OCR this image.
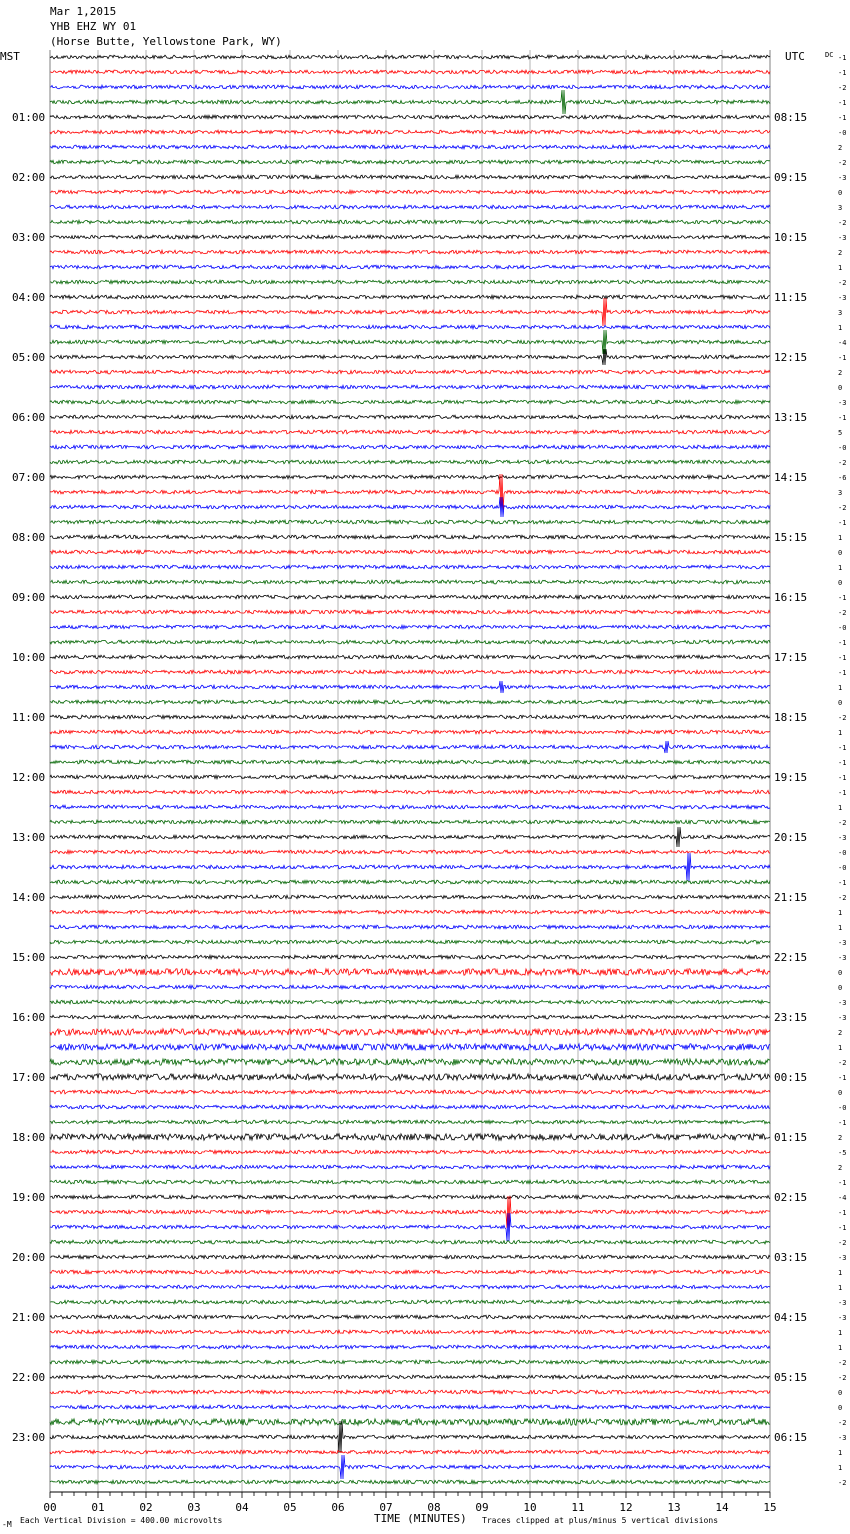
Mar 1,2015
YHB EHZ WY 01
(Horse Butte, Yellowstone Park, WY)
MST	UTC	DC
01:00
02:00
03:00
04:00
05:00
06:00
07:00
08:00
09:00
10:00
11:00
12:00
13:00
14:00
15:00
16:00
17:00
18:00
19:00
20:00
21:00
22:00
23:00
08:15
09:15
10:15
11:15
12:15
13:15
14:15
15:15
16:15
17:15
18:15
19:15
20:15
21:15
22:15
23:15
00:15
01:15
02:15
03:15
04:15
05:15
06:15
-1
-1
-2
-1
-1
-0
2
-2
-3
0
3
-2
-3
2
1
-2
-3
3
1
-4
-1
2
0
-3
-1
5
-0
-2
-6
3
-2
-1
1
0
1
0
-1
-2
-0
-1
-1
-1
1
0
-2
1
-1
-1
-1
-1
1
-2
-3
-0
-0
-1
-2
1
1
-3
-3
0
0
-3
-3
2
1
-2
-1
0
-0
-1
2
-5
2
-1
-4
-1
-1
-2
-3
1
1
-3
-3
1
1
-2
-2
0
0
-2
-3
1
1
-2
00	01	02	03	04	05	06	07	08	09	10	11	12	13	14	15
Each Vertical Division = 400.00 microvolts	TIME (MINUTES) Traces clipped at plus/minus 5 vertical divisions
-M
